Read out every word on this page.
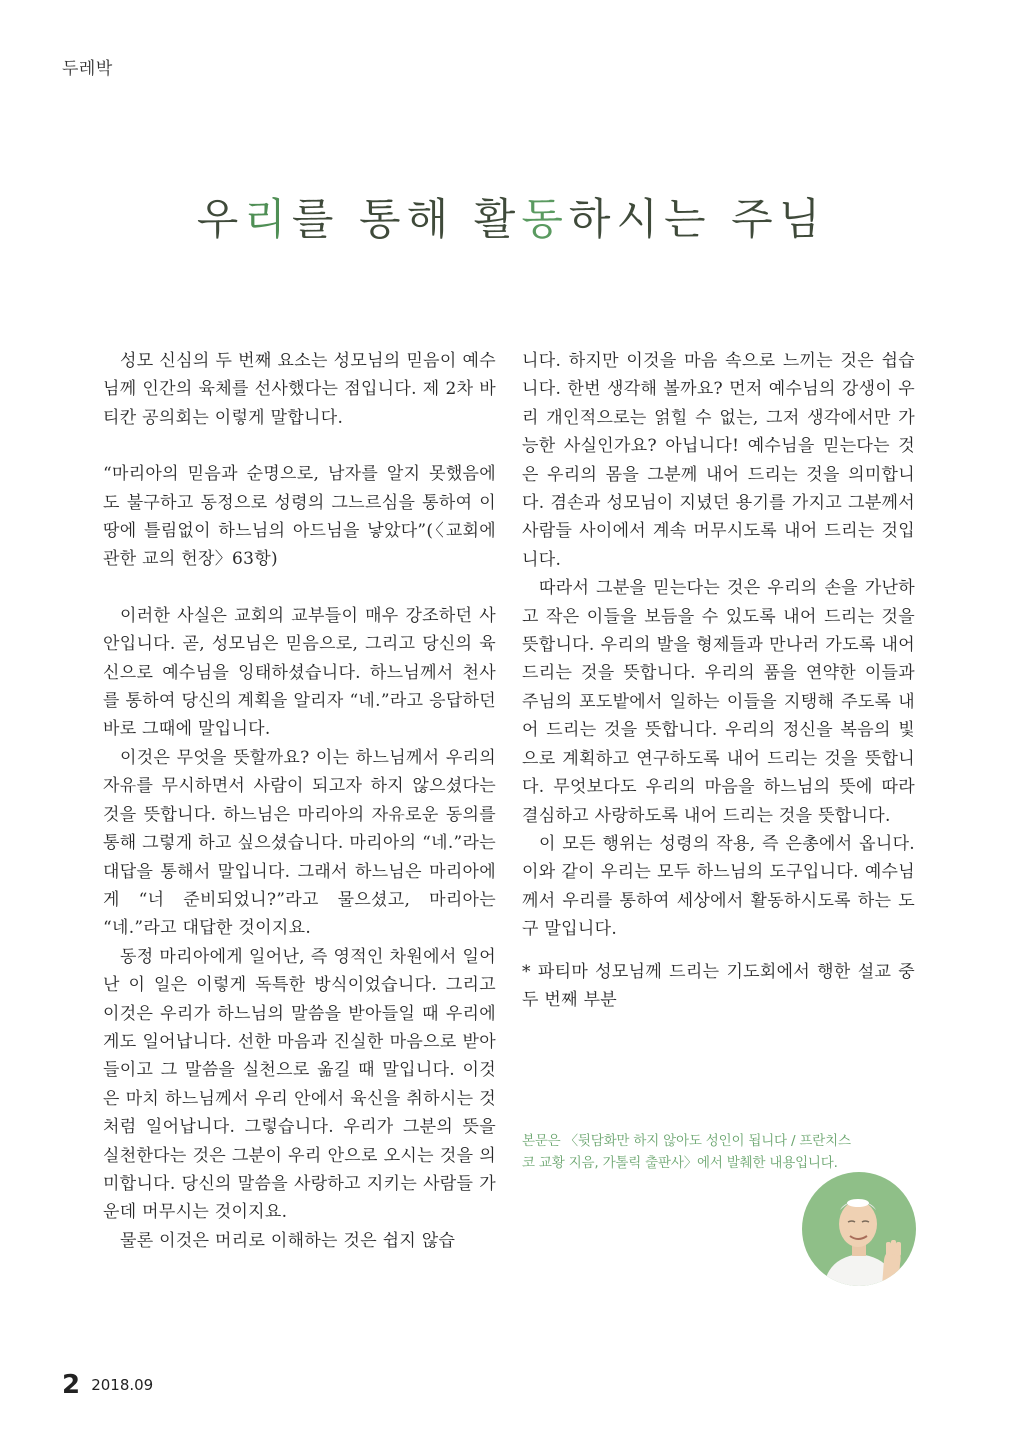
두레박
우리를 통해 활동하시는 주님

성모 신심의 두 번째 요소는 성모님의 믿음이 예수님께 인간의 육체를 선사했다는 점입니다. 제 2차 바티칸 공의회는 이렇게 말합니다.

“마리아의 믿음과 순명으로, 남자를 알지 못했음에도 불구하고 동정으로 성령의 그느르심을 통하여 이 땅에 틀림없이 하느님의 아드님을 낳았다”(〈교회에 관한 교의 헌장〉63항)

이러한 사실은 교회의 교부들이 매우 강조하던 사안입니다. 곧, 성모님은 믿음으로, 그리고 당신의 육신으로 예수님을 잉태하셨습니다. 하느님께서 천사를 통하여 당신의 계획을 알리자 “네.”라고 응답하던 바로 그때에 말입니다.

이것은 무엇을 뜻할까요? 이는 하느님께서 우리의 자유를 무시하면서 사람이 되고자 하지 않으셨다는 것을 뜻합니다. 하느님은 마리아의 자유로운 동의를 통해 그렇게 하고 싶으셨습니다. 마리아의 “네.”라는 대답을 통해서 말입니다. 그래서 하느님은 마리아에게 “너 준비되었니?”라고 물으셨고, 마리아는 “네.”라고 대답한 것이지요.

동정 마리아에게 일어난, 즉 영적인 차원에서 일어난 이 일은 이렇게 독특한 방식이었습니다. 그리고 이것은 우리가 하느님의 말씀을 받아들일 때 우리에게도 일어납니다. 선한 마음과 진실한 마음으로 받아들이고 그 말씀을 실천으로 옮길 때 말입니다. 이것은 마치 하느님께서 우리 안에서 육신을 취하시는 것처럼 일어납니다. 그렇습니다. 우리가 그분의 뜻을 실천한다는 것은 그분이 우리 안으로 오시는 것을 의미합니다. 당신의 말씀을 사랑하고 지키는 사람들 가운데 머무시는 것이지요.

물론 이것은 머리로 이해하는 것은 쉽지 않습

니다. 하지만 이것을 마음 속으로 느끼는 것은 쉽습니다. 한번 생각해 볼까요? 먼저 예수님의 강생이 우리 개인적으로는 얽힐 수 없는, 그저 생각에서만 가능한 사실인가요? 아닙니다! 예수님을 믿는다는 것은 우리의 몸을 그분께 내어 드리는 것을 의미합니다. 겸손과 성모님이 지녔던 용기를 가지고 그분께서 사람들 사이에서 계속 머무시도록 내어 드리는 것입니다.

따라서 그분을 믿는다는 것은 우리의 손을 가난하고 작은 이들을 보듬을 수 있도록 내어 드리는 것을 뜻합니다. 우리의 발을 형제들과 만나러 가도록 내어 드리는 것을 뜻합니다. 우리의 품을 연약한 이들과 주님의 포도밭에서 일하는 이들을 지탱해 주도록 내어 드리는 것을 뜻합니다. 우리의 정신을 복음의 빛으로 계획하고 연구하도록 내어 드리는 것을 뜻합니다. 무엇보다도 우리의 마음을 하느님의 뜻에 따라 결심하고 사랑하도록 내어 드리는 것을 뜻합니다.

이 모든 행위는 성령의 작용, 즉 은총에서 옵니다. 이와 같이 우리는 모두 하느님의 도구입니다. 예수님께서 우리를 통하여 세상에서 활동하시도록 하는 도구 말입니다.

* 파티마 성모님께 드리는 기도회에서 행한 설교 중 두 번째 부분

본문은 〈뒷담화만 하지 않아도 성인이 됩니다 / 프란치스코 교황 지음, 가톨릭 출판사〉에서 발췌한 내용입니다.
2 2018.09
